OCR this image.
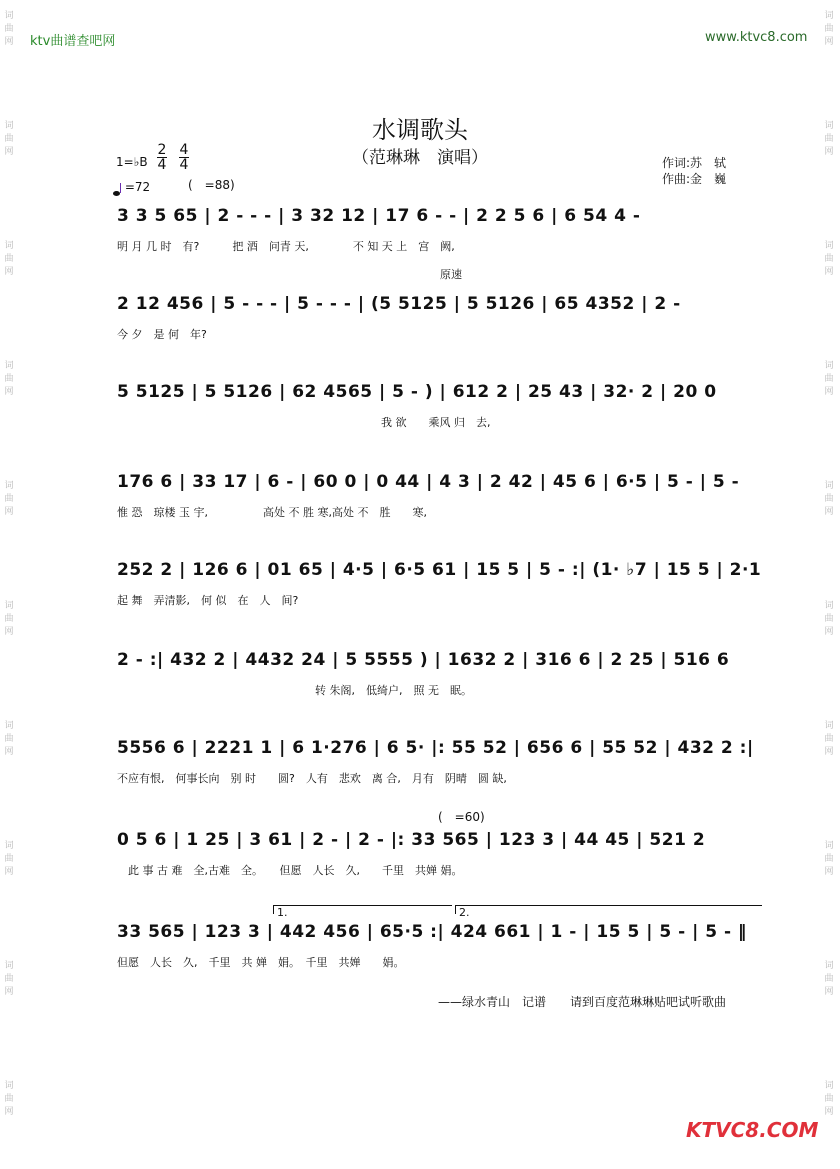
词
曲
网
词
曲
网
词
曲
网
词
曲
网
词
曲
网
词
曲
网
词
曲
网
词
曲
网
词
曲
网
词
曲
网
词
曲
网
词
曲
网
词
曲
网
词
曲
网
词
曲
网
词
曲
网
词
曲
网
词
曲
网
词
曲
网
词
曲
网
ktv曲谱查吧网	www.ktvc8.com
水调歌头
（范琳琳　演唱）	作词:苏　轼
作曲:金　巍
1=♭B
2
4
4
4
=72	(　=88)
3 3 5 65 | 2 - - - | 3 32 12 | 17 6 - - | 2 2 5 6 | 6 54 4 -
明 月 几 时　有?　　　把 酒　问青 天,　　　　不 知 天 上　宫　阙,
原速
2 12 456 | 5 - - - | 5 - - - | (5 5125 | 5 5126 | 65 4352 | 2 -
今 夕　是 何　年?
5 5125 | 5 5126 | 62 4565 | 5 - ) | 612 2 | 25 43 | 32· 2 | 20 0
　　　　　　　　　　　　　　　　　　　　　　　　我 欲　　乘风 归　去,
176 6 | 33 17 | 6 - | 60 0 | 0 44 | 4 3 | 2 42 | 45 6 | 6·5 | 5 - | 5 -
惟 恐　琼楼 玉 宇,　　　　　高处 不 胜 寒,高处 不　胜　　寒,
252 2 | 126 6 | 01 65 | 4·5 | 6·5 61 | 15 5 | 5 - :| (1· ♭7 | 15 5 | 2·1
起 舞　弄清影,　何 似　在　人　间?
2 - :| 432 2 | 4432 24 | 5 5555 ) | 1632 2 | 316 6 | 2 25 | 516 6
　　　　　　　　　　　　　　　　　　转 朱阁,　低绮户,　照 无　眠。
5556 6 | 2221 1 | 6 1·276 | 6 5· |: 55 52 | 656 6 | 55 52 | 432 2 :|
不应有恨,　何事长向　别 时　　圆?　人有　悲欢　离 合,　月有　阴晴　圆 缺,
(　=60)
0 5 6 | 1 25 | 3 61 | 2 - | 2 - |: 33 565 | 123 3 | 44 45 | 521 2
　此 事 古 难　全,古难　全。　　但愿　人长　久,　　千里　共婵 娟。
1.	2.
33 565 | 123 3 | 442 456 | 65·5 :| 424 661 | 1 - | 15 5 | 5 - | 5 - ‖
但愿　人长　久,　千里　共 婵　娟。　千里　共婵　　娟。
——绿水青山　记谱　　请到百度范琳琳贴吧试听歌曲
KTVC8.COM
